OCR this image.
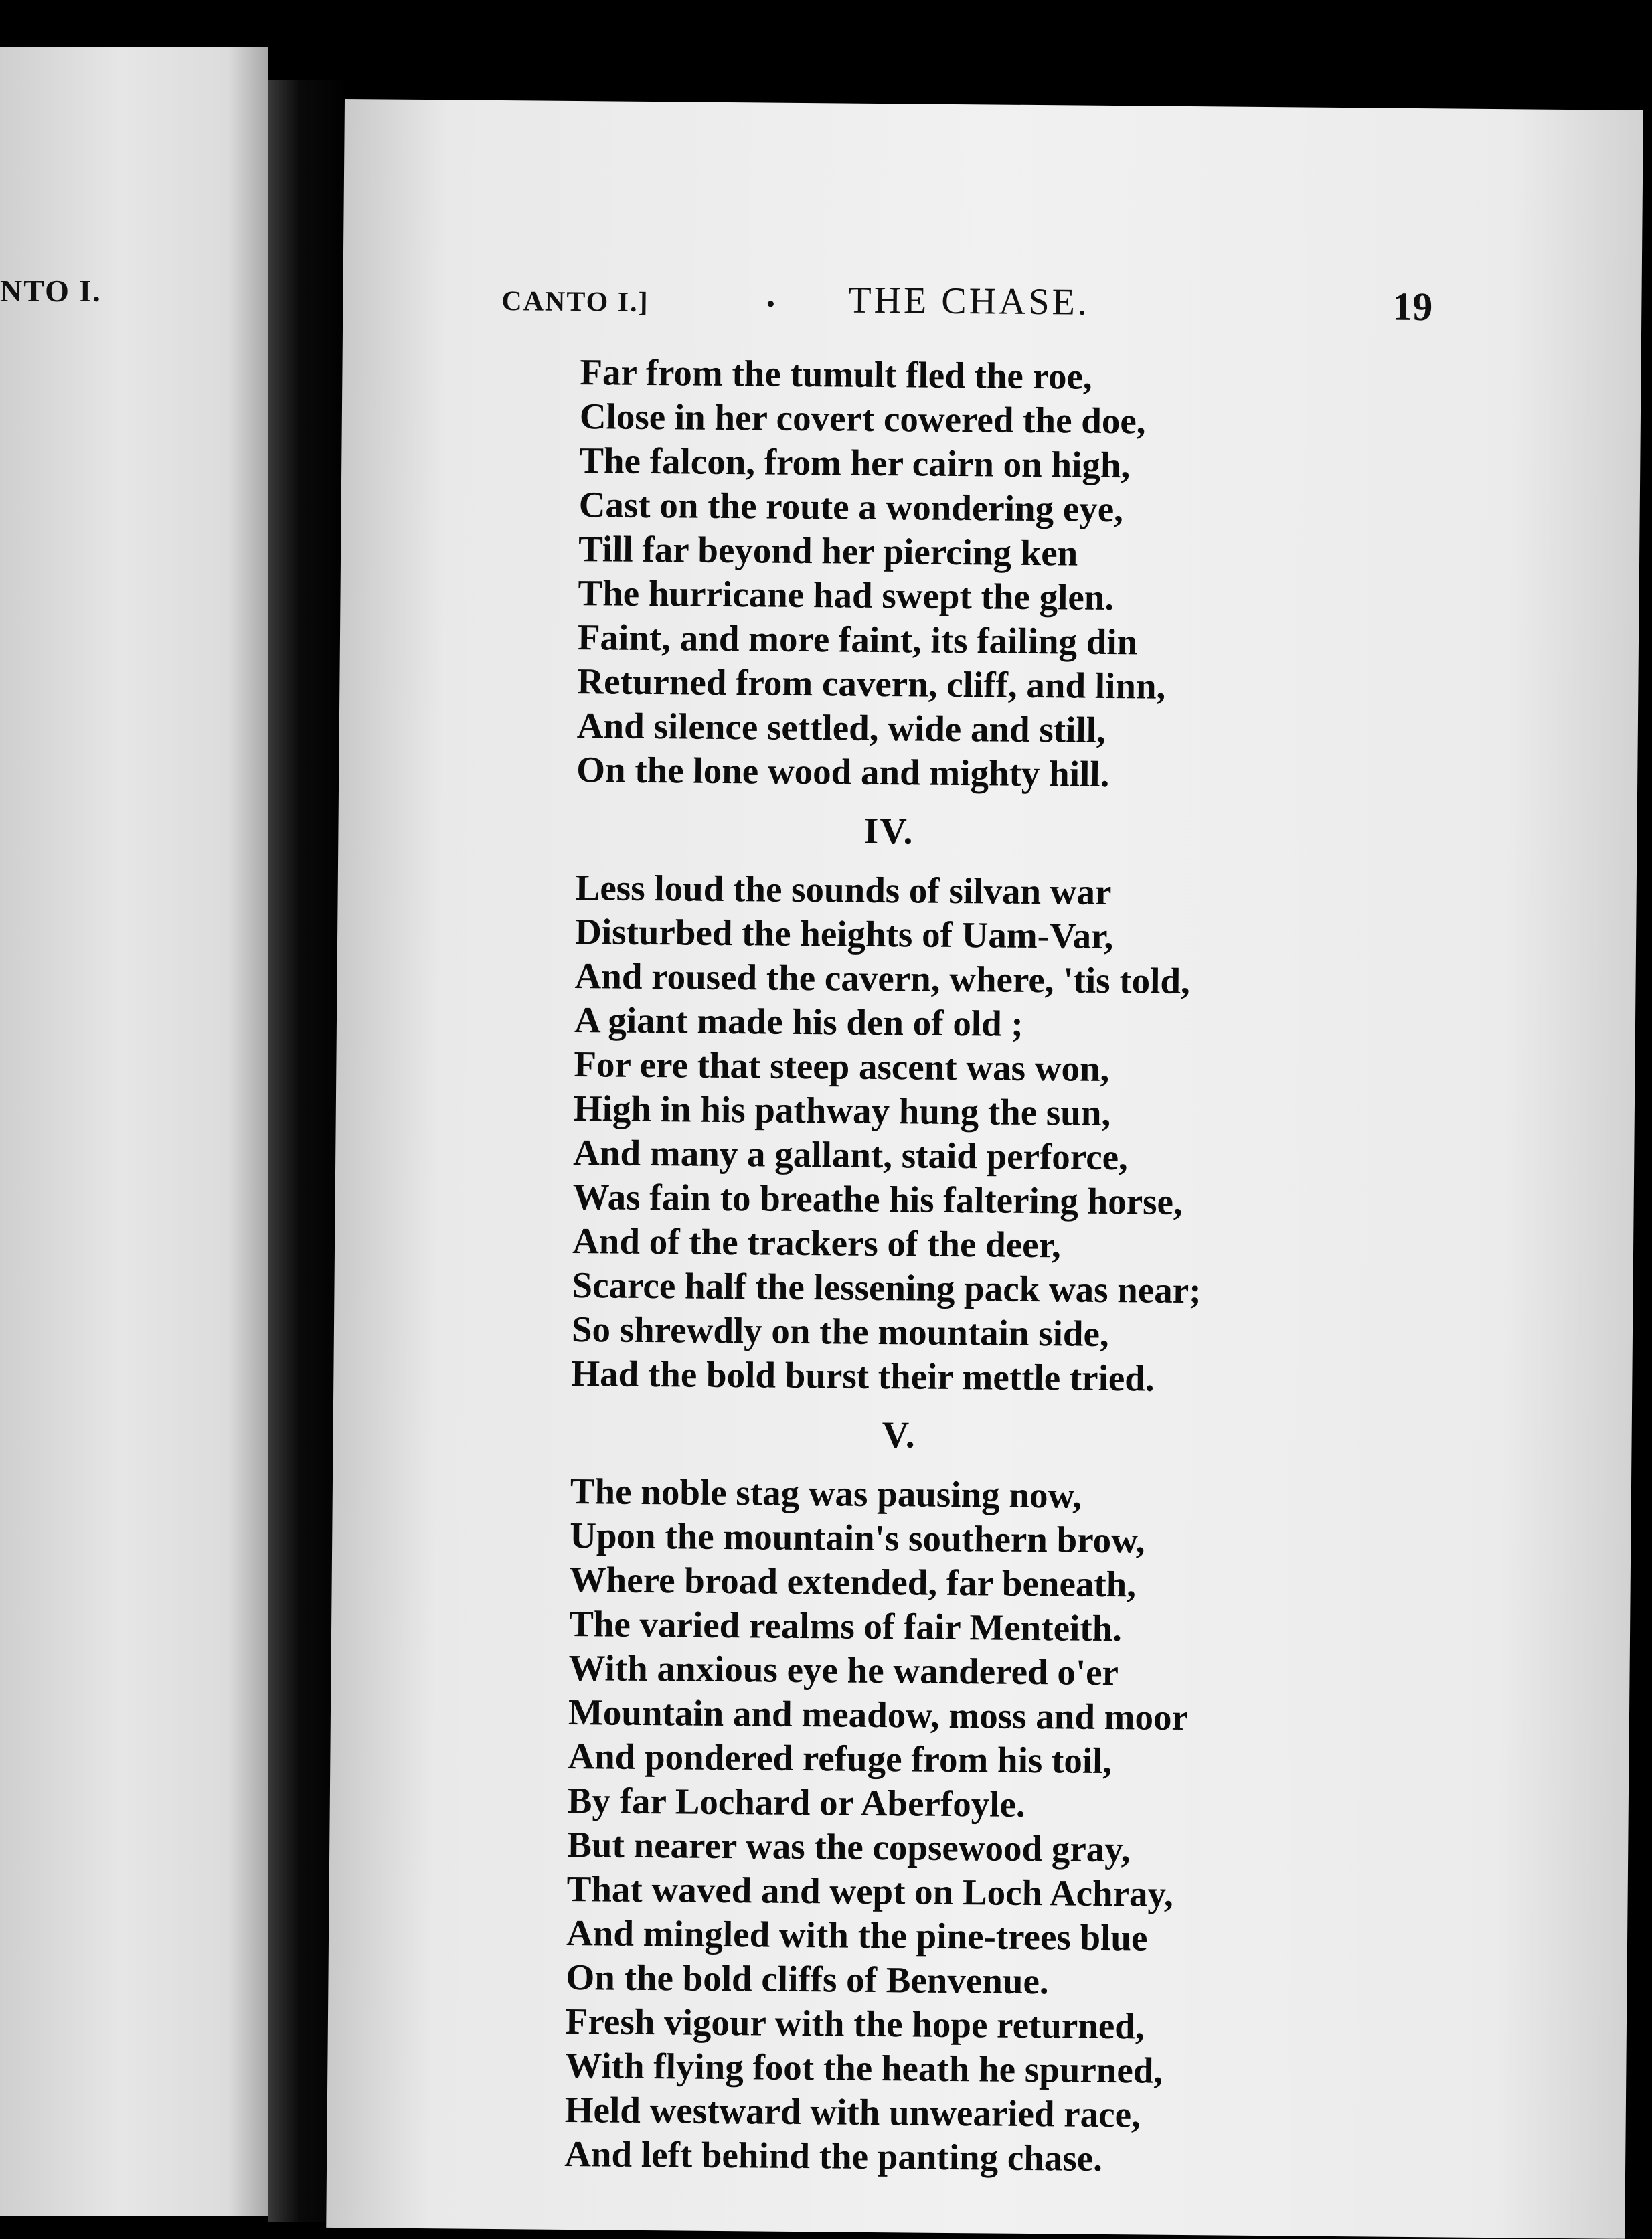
NTO I.	CANTO I.]	. THE CHASE.	19
Far from the tumult fled the roe,
Close in her covert cowered the doe,
The falcon, from her cairn on high,
Cast on the route a wondering eye,
Till far beyond her piercing ken
The hurricane had swept the glen.
Faint, and more faint, its failing din
Returned from cavern, cliff, and linn,
And silence settled, wide and still,
On the lone wood and mighty hill.
IV.
Less loud the sounds of silvan war
Disturbed the heights of Uam-Var,
And roused the cavern, where, 'tis told,
A giant made his den of old ;
For ere that steep ascent was won,
High in his pathway hung the sun,
And many a gallant, staid perforce,
Was fain to breathe his faltering horse,
And of the trackers of the deer,
Scarce half the lessening pack was near;
So shrewdly on the mountain side,
Had the bold burst their mettle tried.
V.
The noble stag was pausing now,
Upon the mountain's southern brow,
Where broad extended, far beneath,
The varied realms of fair Menteith.
With anxious eye he wandered o'er
Mountain and meadow, moss and moor
And pondered refuge from his toil,
By far Lochard or Aberfoyle.
But nearer was the copsewood gray,
That waved and wept on Loch Achray,
And mingled with the pine-trees blue
On the bold cliffs of Benvenue.
Fresh vigour with the hope returned,
With flying foot the heath he spurned,
Held westward with unwearied race,
And left behind the panting chase.
